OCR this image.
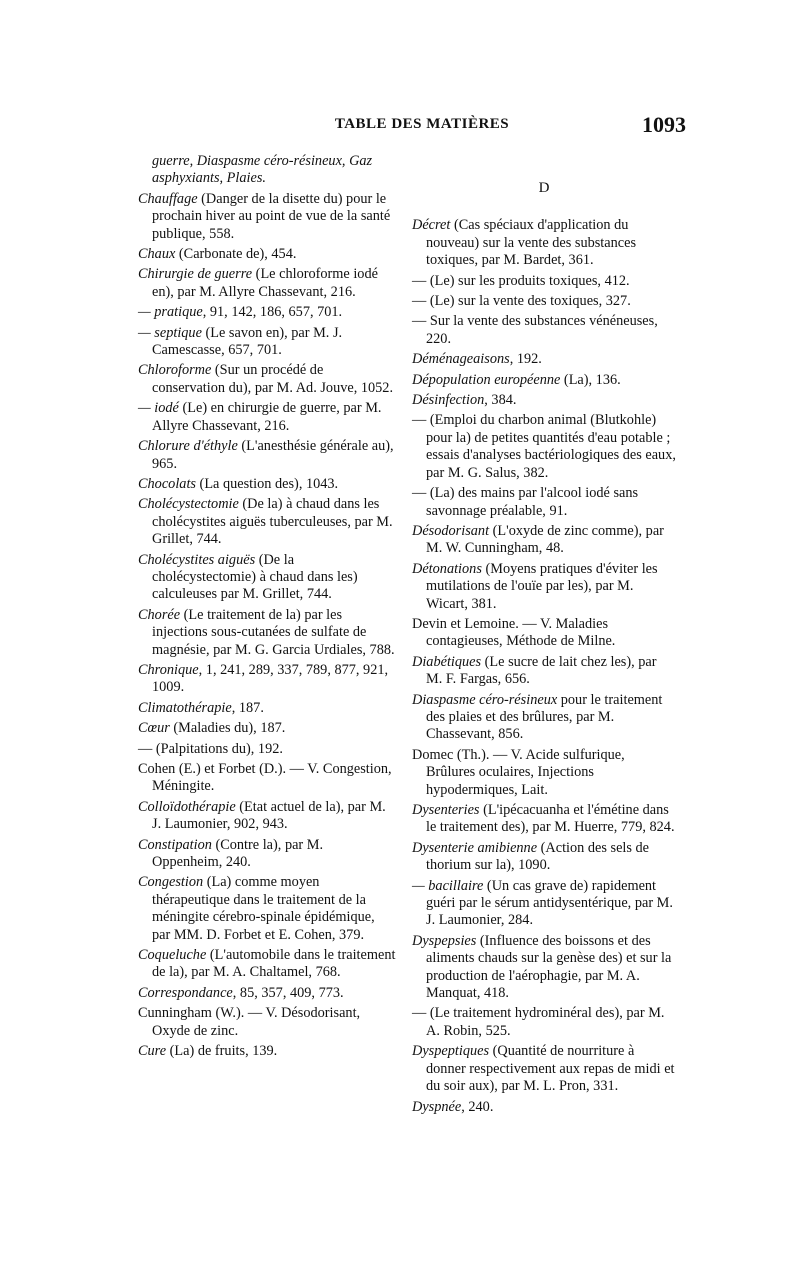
TABLE DES MATIÈRES	1093
guerre, Diaspasme céro-résineux, Gaz asphyxiants, Plaies.
Chauffage (Danger de la disette du) pour le prochain hiver au point de vue de la santé publique, 558.
Chaux (Carbonate de), 454.
Chirurgie de guerre (Le chloroforme iodé en), par M. Allyre Chassevant, 216.
— pratique, 91, 142, 186, 657, 701.
— septique (Le savon en), par M. J. Camescasse, 657, 701.
Chloroforme (Sur un procédé de conservation du), par M. Ad. Jouve, 1052.
— iodé (Le) en chirurgie de guerre, par M. Allyre Chassevant, 216.
Chlorure d'éthyle (L'anesthésie générale au), 965.
Chocolats (La question des), 1043.
Cholécystectomie (De la) à chaud dans les cholécystites aiguës tuberculeuses, par M. Grillet, 744.
Cholécystites aiguës (De la cholécystectomie) à chaud dans les) calculeuses par M. Grillet, 744.
Chorée (Le traitement de la) par les injections sous-cutanées de sulfate de magnésie, par M. G. Garcia Urdiales, 788.
Chronique, 1, 241, 289, 337, 789, 877, 921, 1009.
Climatothérapie, 187.
Cœur (Maladies du), 187.
— (Palpitations du), 192.
Cohen (E.) et Forbet (D.). — V. Congestion, Méningite.
Colloïdothérapie (Etat actuel de la), par M. J. Laumonier, 902, 943.
Constipation (Contre la), par M. Oppenheim, 240.
Congestion (La) comme moyen thérapeutique dans le traitement de la méningite cérebro-spinale épidémique, par MM. D. Forbet et E. Cohen, 379.
Coqueluche (L'automobile dans le traitement de la), par M. A. Chaltamel, 768.
Correspondance, 85, 357, 409, 773.
Cunningham (W.). — V. Désodorisant, Oxyde de zinc.
Cure (La) de fruits, 139.
D
Décret (Cas spéciaux d'application du nouveau) sur la vente des substances toxiques, par M. Bardet, 361.
— (Le) sur les produits toxiques, 412.
— (Le) sur la vente des toxiques, 327.
— Sur la vente des substances vénéneuses, 220.
Déménageaisons, 192.
Dépopulation européenne (La), 136.
Désinfection, 384.
— (Emploi du charbon animal (Blutkohle) pour la) de petites quantités d'eau potable ; essais d'analyses bactériologiques des eaux, par M. G. Salus, 382.
— (La) des mains par l'alcool iodé sans savonnage préalable, 91.
Désodorisant (L'oxyde de zinc comme), par M. W. Cunningham, 48.
Détonations (Moyens pratiques d'éviter les mutilations de l'ouïe par les), par M. Wicart, 381.
Devin et Lemoine. — V. Maladies contagieuses, Méthode de Milne.
Diabétiques (Le sucre de lait chez les), par M. F. Fargas, 656.
Diaspasme céro-résineux pour le traitement des plaies et des brûlures, par M. Chassevant, 856.
Domec (Th.). — V. Acide sulfurique, Brûlures oculaires, Injections hypodermiques, Lait.
Dysenteries (L'ipécacuanha et l'émétine dans le traitement des), par M. Huerre, 779, 824.
Dysenterie amibienne (Action des sels de thorium sur la), 1090.
— bacillaire (Un cas grave de) rapidement guéri par le sérum antidysentérique, par M. J. Laumonier, 284.
Dyspepsies (Influence des boissons et des aliments chauds sur la genèse des) et sur la production de l'aérophagie, par M. A. Manquat, 418.
— (Le traitement hydrominéral des), par M. A. Robin, 525.
Dyspeptiques (Quantité de nourriture à donner respectivement aux repas de midi et du soir aux), par M. L. Pron, 331.
Dyspnée, 240.
